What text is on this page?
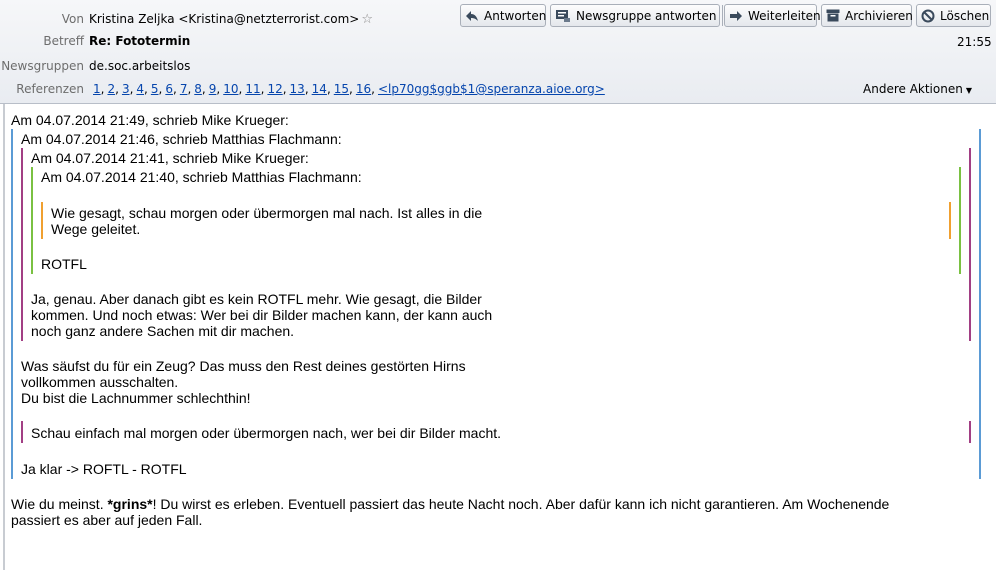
Von Kristina Zeljka <Kristina@netzterrorist.com> ☆	Antworten Newsgruppe antworten	Weiterleiten Archivieren Löschen
Betreff Re: Fototermin	21:55
Newsgruppen de.soc.arbeitslos
Referenzen 1, 2, 3, 4, 5, 6, 7, 8, 9, 10, 11, 12, 13, 14, 15, 16, <lp70gg$ggb$1@speranza.aioe.org>	Andere Aktionen ▼
Am 04.07.2014 21:49, schrieb Mike Krueger:
Am 04.07.2014 21:46, schrieb Matthias Flachmann:
Am 04.07.2014 21:41, schrieb Mike Krueger:
Am 04.07.2014 21:40, schrieb Matthias Flachmann:
Wie gesagt, schau morgen oder übermorgen mal nach. Ist alles in die
Wege geleitet.
ROTFL
Ja, genau. Aber danach gibt es kein ROTFL mehr. Wie gesagt, die Bilder
kommen. Und noch etwas: Wer bei dir Bilder machen kann, der kann auch
noch ganz andere Sachen mit dir machen.
Was säufst du für ein Zeug? Das muss den Rest deines gestörten Hirns
vollkommen ausschalten.
Du bist die Lachnummer schlechthin!
Schau einfach mal morgen oder übermorgen nach, wer bei dir Bilder macht.
Ja klar -> ROFTL - ROTFL
Wie du meinst. *grins*! Du wirst es erleben. Eventuell passiert das heute Nacht noch. Aber dafür kann ich nicht garantieren. Am Wochenende
passiert es aber auf jeden Fall.
